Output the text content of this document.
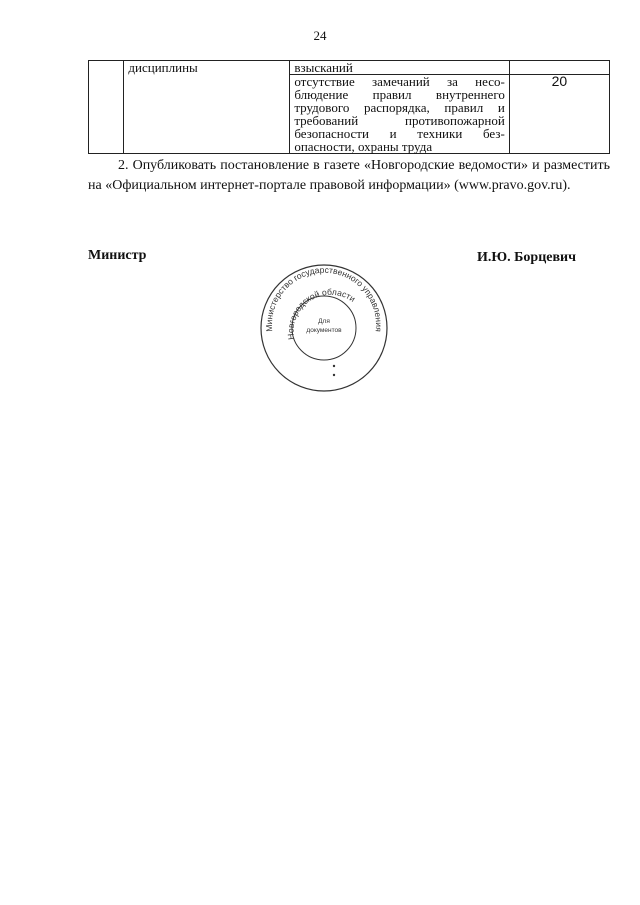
24
	дисциплины	взысканий	
		отсутствие замечаний за несо-блюдение правил внутреннего трудового распорядка, правил и требований противопожарной безопасности и техники без-опасности, охраны труда	20

2. Опубликовать постановление в газете «Новгородские ведомости» и разместить на «Официальном интернет-портале правовой информации» (www.pravo.gov.ru).

Министр	И.Ю. Борцевич
Министерство государственного управления
Новгородской области
Для
документов
